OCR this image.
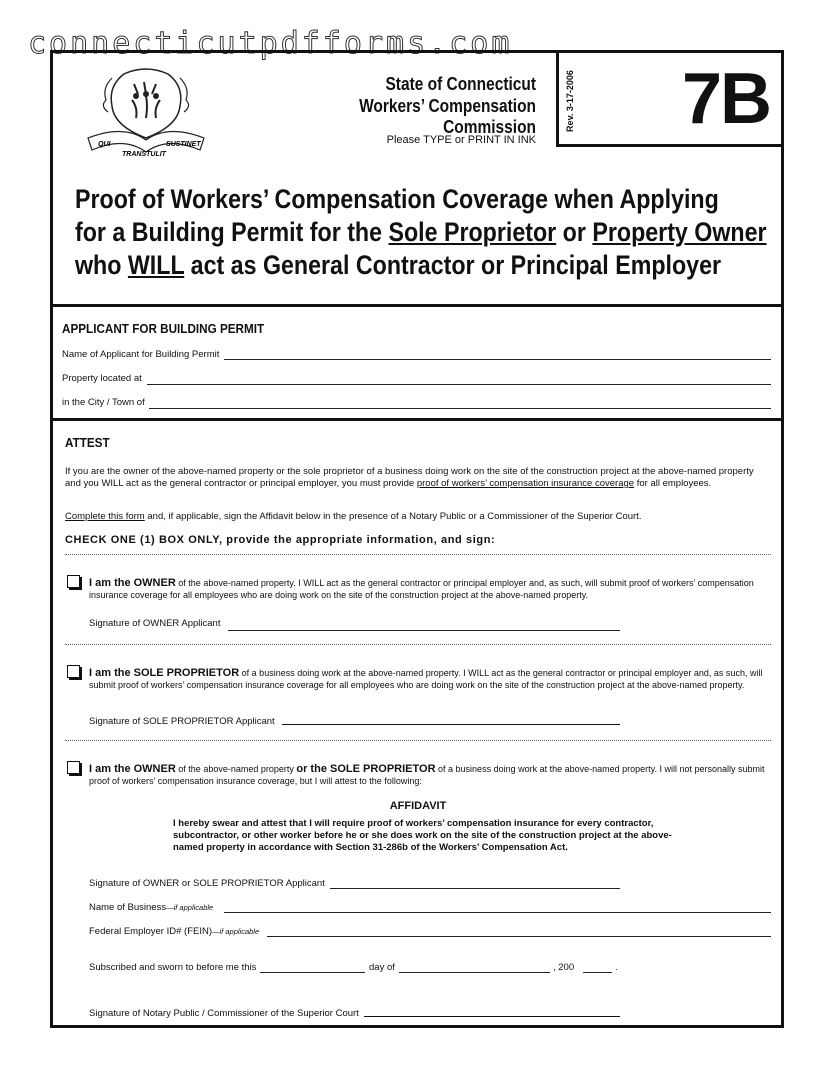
connecticutpdfforms.com
Rev. 3-17-2006 7B
QUI
TRANSTULIT
SUSTINET
State of Connecticut
Workers’ Compensation Commission
Please TYPE or PRINT IN INK
Proof of Workers’ Compensation Coverage when Applying
for a Building Permit for the Sole Proprietor or Property Owner
who WILL act as General Contractor or Principal Employer
APPLICANT FOR BUILDING PERMIT
Name of Applicant for Building Permit
Property located at
in the City / Town of
ATTEST
If you are the owner of the above-named property or the sole proprietor of a business doing work on the site of the construction project at the above-named property and you WILL act as the general contractor or principal employer, you must provide proof of workers’ compensation insurance coverage for all employees.
Complete this form and, if applicable, sign the Affidavit below in the presence of a Notary Public or a Commissioner of the Superior Court.
CHECK ONE (1) BOX ONLY, provide the appropriate information, and sign:
I am the OWNER of the above-named property. I WILL act as the general contractor or principal employer and, as such, will submit proof of workers’ compensation insurance coverage for all employees who are doing work on the site of the construction project at the above-named property.
Signature of OWNER Applicant
I am the SOLE PROPRIETOR of a business doing work at the above-named property. I WILL act as the general contractor or principal employer and, as such, will submit proof of workers’ compensation insurance coverage for all employees who are doing work on the site of the construction project at the above-named property.
Signature of SOLE PROPRIETOR Applicant
I am the OWNER of the above-named property or the SOLE PROPRIETOR of a business doing work at the above-named property. I will not personally submit proof of workers’ compensation insurance coverage, but I will attest to the following:
AFFIDAVIT
I hereby swear and attest that I will require proof of workers’ compensation insurance for every contractor, subcontractor, or other worker before he or she does work on the site of the construction project at the above-named property in accordance with Section 31-286b of the Workers’ Compensation Act.
Signature of OWNER or SOLE PROPRIETOR Applicant
Name of Business—if applicable
Federal Employer ID# (FEIN)—if applicable
Subscribed and sworn to before me this	day of	, 200	.
Signature of Notary Public / Commissioner of the Superior Court
